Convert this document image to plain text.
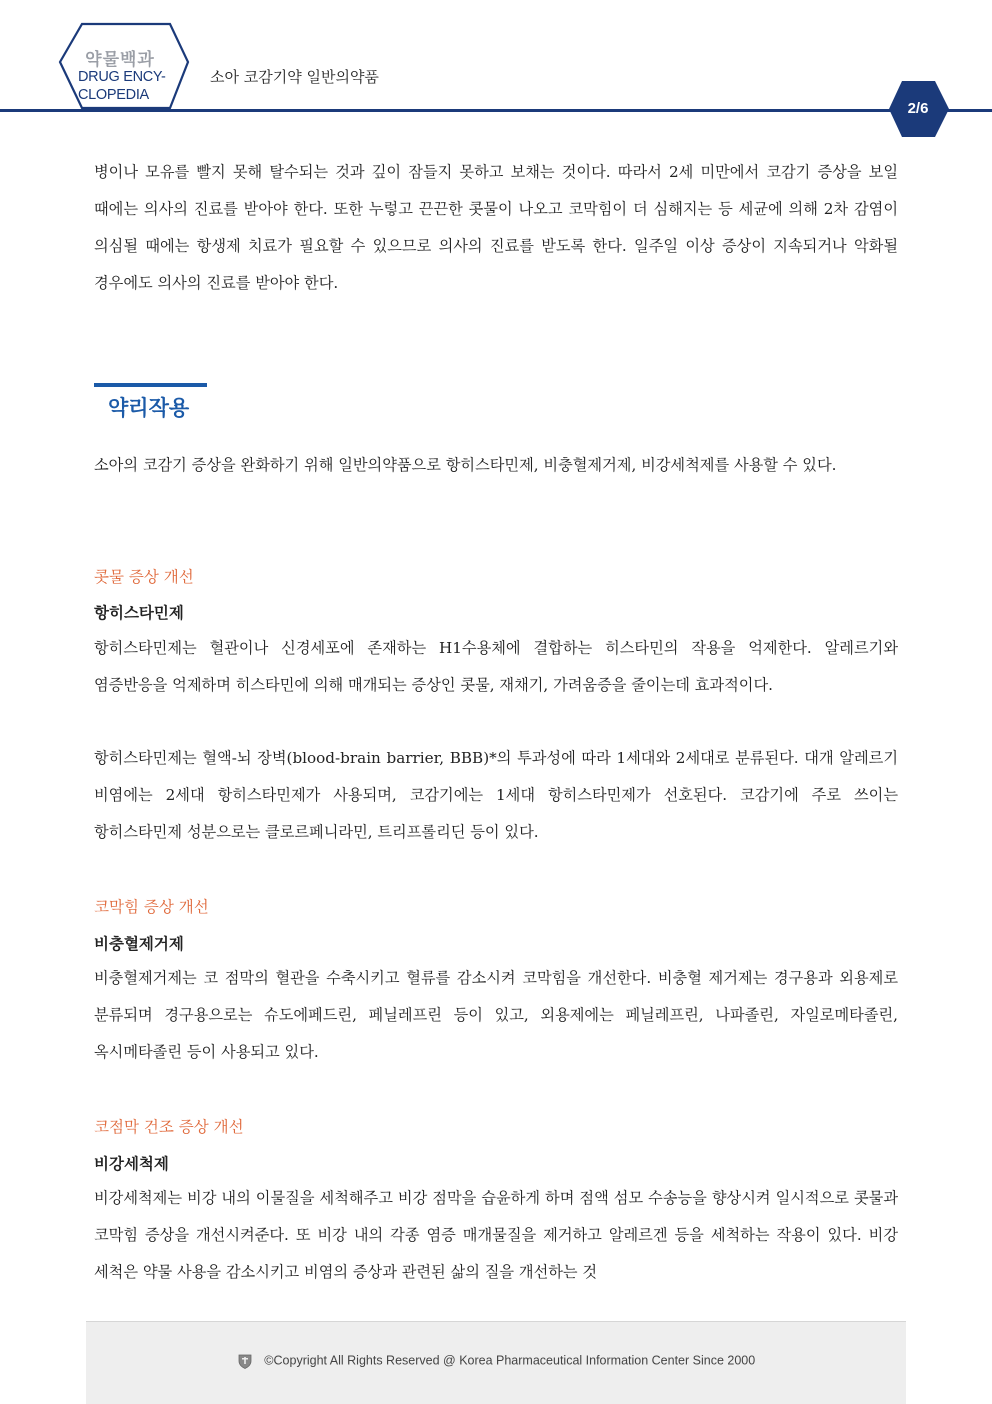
약물백과
DRUG ENCY-
CLOPEDIA
소아 코감기약 일반의약품
2/6

병이나 모유를 빨지 못해 탈수되는 것과 깊이 잠들지 못하고 보채는 것이다. 따라서 2세 미만에서 코감기 증상을 보일 때에는 의사의 진료를 받아야 한다. 또한 누렇고 끈끈한 콧물이 나오고 코막힘이 더 심해지는 등 세균에 의해 2차 감염이 의심될 때에는 항생제 치료가 필요할 수 있으므로 의사의 진료를 받도록 한다. 일주일 이상 증상이 지속되거나 악화될 경우에도 의사의 진료를 받아야 한다.

약리작용

소아의 코감기 증상을 완화하기 위해 일반의약품으로 항히스타민제, 비충혈제거제, 비강세척제를 사용할 수 있다.

콧물 증상 개선
항히스타민제

항히스타민제는 혈관이나 신경세포에 존재하는 H1수용체에 결합하는 히스타민의 작용을 억제한다. 알레르기와 염증반응을 억제하며 히스타민에 의해 매개되는 증상인 콧물, 재채기, 가려움증을 줄이는데 효과적이다.

항히스타민제는 혈액-뇌 장벽(blood-brain barrier, BBB)*의 투과성에 따라 1세대와 2세대로 분류된다. 대개 알레르기 비염에는 2세대 항히스타민제가 사용되며, 코감기에는 1세대 항히스타민제가 선호된다. 코감기에 주로 쓰이는 항히스타민제 성분으로는 클로르페니라민, 트리프롤리딘 등이 있다.

코막힘 증상 개선
비충혈제거제

비충혈제거제는 코 점막의 혈관을 수축시키고 혈류를 감소시켜 코막힘을 개선한다. 비충혈 제거제는 경구용과 외용제로 분류되며 경구용으로는 슈도에페드린, 페닐레프린 등이 있고, 외용제에는 페닐레프린, 나파졸린, 자일로메타졸린, 옥시메타졸린 등이 사용되고 있다.

코점막 건조 증상 개선
비강세척제

비강세척제는 비강 내의 이물질을 세척해주고 비강 점막을 습윤하게 하며 점액 섬모 수송능을 향상시켜 일시적으로 콧물과 코막힘 증상을 개선시켜준다. 또 비강 내의 각종 염증 매개물질을 제거하고 알레르겐 등을 세척하는 작용이 있다. 비강 세척은 약물 사용을 감소시키고 비염의 증상과 관련된 삶의 질을 개선하는 것

©Copyright All Rights Reserved @ Korea Pharmaceutical Information Center Since 2000
